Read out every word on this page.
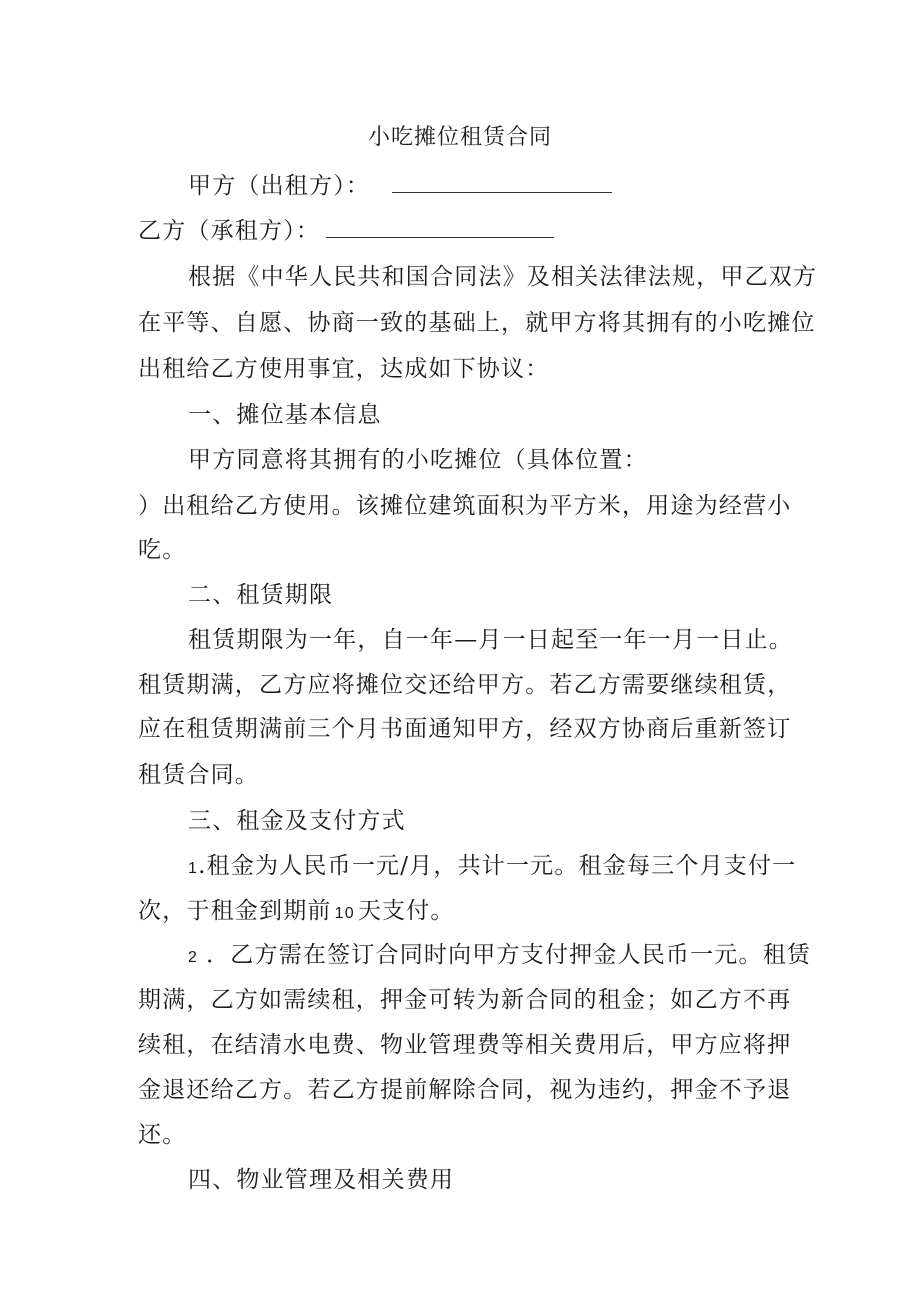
小吃摊位租赁合同
甲方（出租方）：
乙方（承租方）：
根据《中华人民共和国合同法》及相关法律法规，甲乙双方
在平等、自愿、协商一致的基础上，就甲方将其拥有的小吃摊位
出租给乙方使用事宜，达成如下协议：
一、摊位基本信息
甲方同意将其拥有的小吃摊位（具体位置：
）出租给乙方使用。该摊位建筑面积为平方米，用途为经营小
吃。
二、租赁期限
租赁期限为一年，自一年—月一日起至一年一月一日止。
租赁期满，乙方应将摊位交还给甲方。若乙方需要继续租赁，
应在租赁期满前三个月书面通知甲方，经双方协商后重新签订
租赁合同。
三、租金及支付方式
1.租金为人民币一元/月，共计一元。租金每三个月支付一
次，于租金到期前 10 天支付。
2 ．乙方需在签订合同时向甲方支付押金人民币一元。租赁
期满，乙方如需续租，押金可转为新合同的租金；如乙方不再
续租，在结清水电费、物业管理费等相关费用后，甲方应将押
金退还给乙方。若乙方提前解除合同，视为违约，押金不予退
还。
四、物业管理及相关费用
